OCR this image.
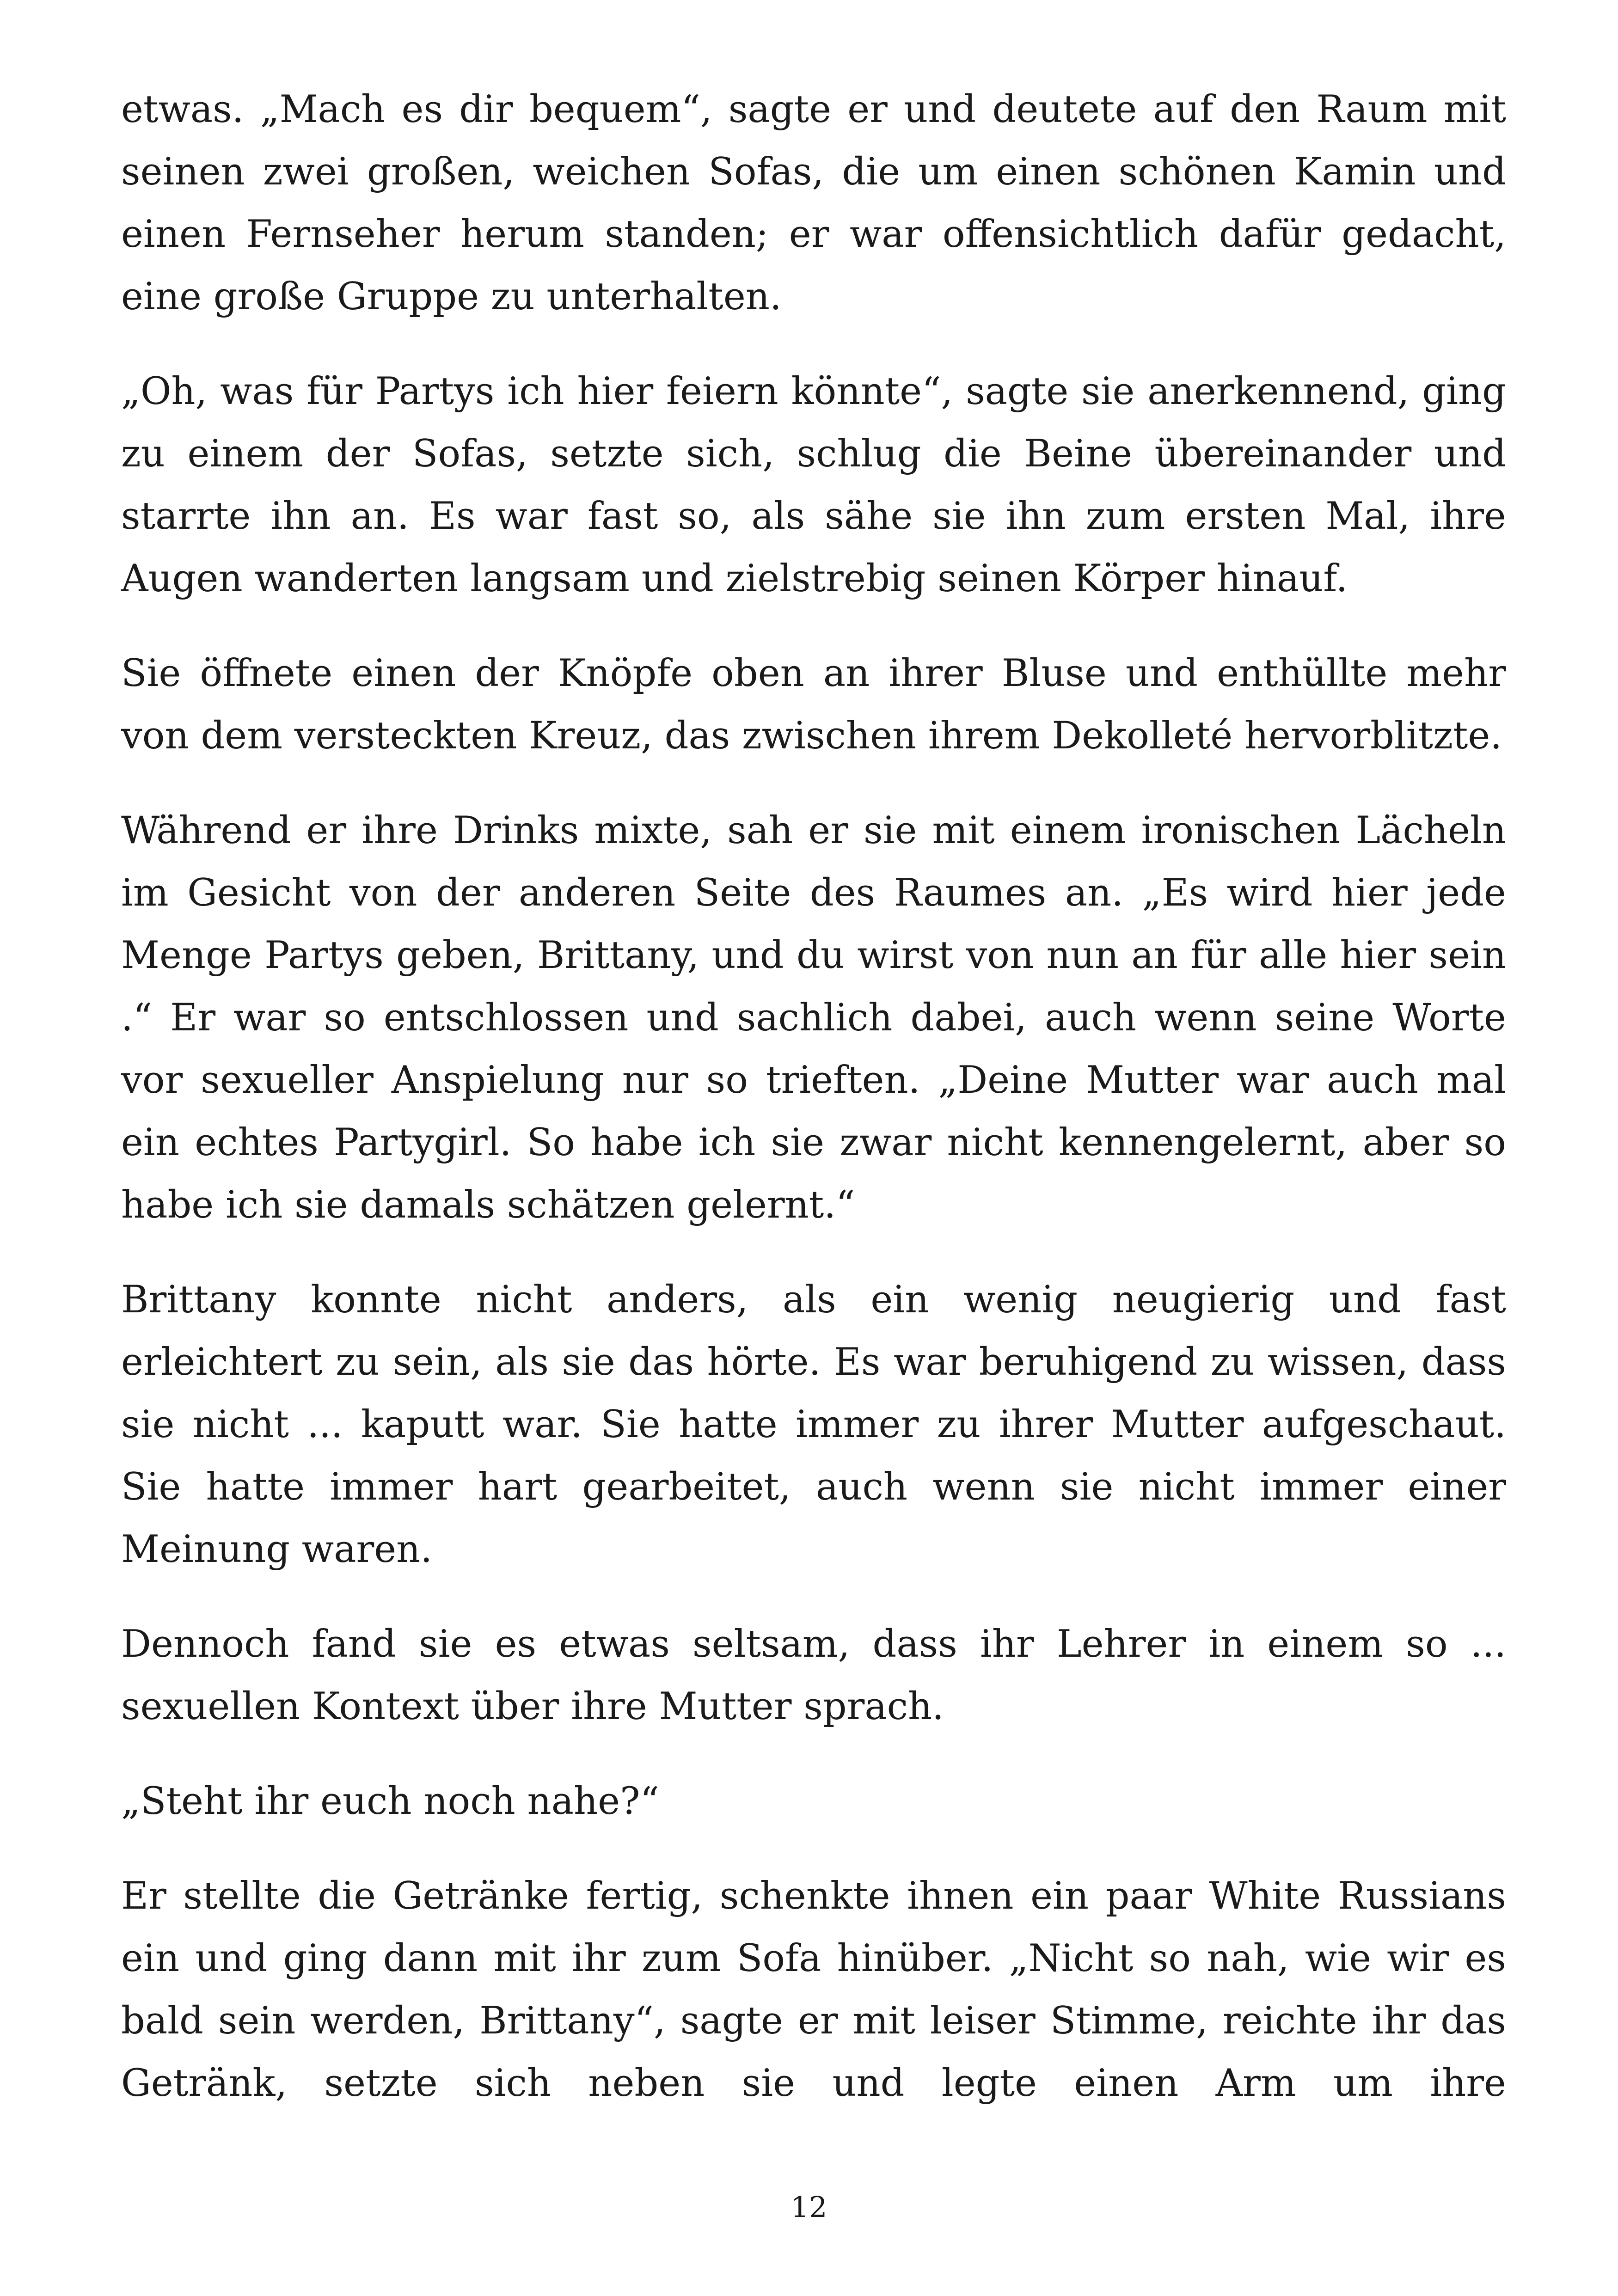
etwas. „Mach es dir bequem“, sagte er und deutete auf den Raum mit seinen zwei großen, weichen Sofas, die um einen schönen Kamin und einen Fernseher herum standen; er war offensichtlich dafür gedacht, eine große Gruppe zu unterhalten.

„Oh, was für Partys ich hier feiern könnte“, sagte sie anerkennend, ging zu einem der Sofas, setzte sich, schlug die Beine übereinander und starrte ihn an. Es war fast so, als sähe sie ihn zum ersten Mal, ihre Augen wanderten langsam und zielstrebig seinen Körper hinauf.

Sie öffnete einen der Knöpfe oben an ihrer Bluse und enthüllte mehr von dem versteckten Kreuz, das zwischen ihrem Dekolleté hervorblitzte.

Während er ihre Drinks mixte, sah er sie mit einem ironischen Lächeln im Gesicht von der anderen Seite des Raumes an. „Es wird hier jede Menge Partys geben, Brittany, und du wirst von nun an für alle hier sein .“ Er war so entschlossen und sachlich dabei, auch wenn seine Worte vor sexueller Anspielung nur so trieften. „Deine Mutter war auch mal ein echtes Partygirl. So habe ich sie zwar nicht kennengelernt, aber so habe ich sie damals schätzen gelernt.“

Brittany konnte nicht anders, als ein wenig neugierig und fast erleichtert zu sein, als sie das hörte. Es war beruhigend zu wissen, dass sie nicht ... kaputt war. Sie hatte immer zu ihrer Mutter aufgeschaut. Sie hatte immer hart gearbeitet, auch wenn sie nicht immer einer Meinung waren.

Dennoch fand sie es etwas seltsam, dass ihr Lehrer in einem so ... sexuellen Kontext über ihre Mutter sprach.

„Steht ihr euch noch nahe?“

Er stellte die Getränke fertig, schenkte ihnen ein paar White Russians ein und ging dann mit ihr zum Sofa hinüber. „Nicht so nah, wie wir es bald sein werden, Brittany“, sagte er mit leiser Stimme, reichte ihr das Getränk, setzte sich neben sie und legte einen Arm um ihre

12
